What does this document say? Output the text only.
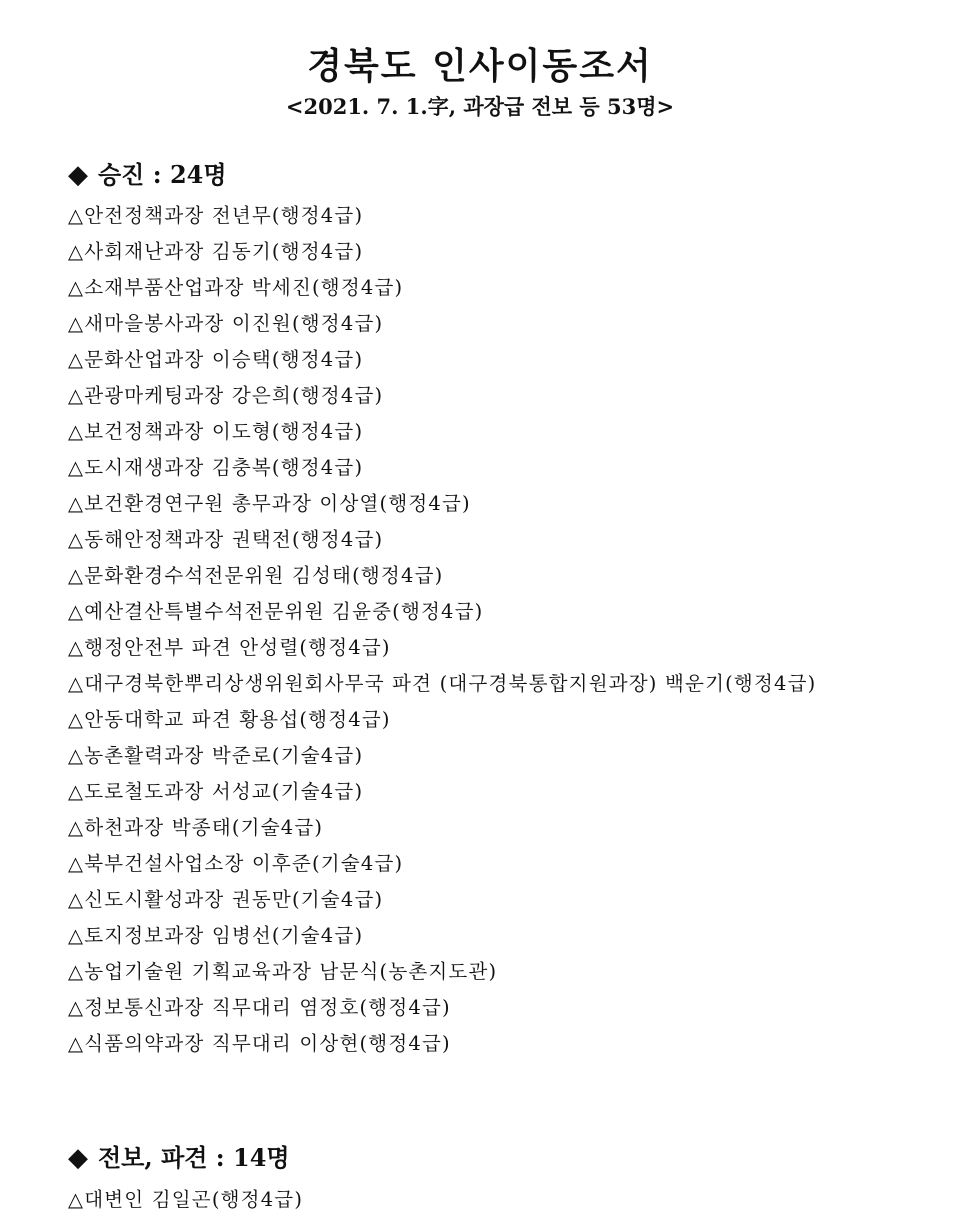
경북도 인사이동조서
<2021. 7. 1.字, 과장급 전보 등 53명>
◆ 승진 : 24명
△안전정책과장 전년무(행정4급)
△사회재난과장 김동기(행정4급)
△소재부품산업과장 박세진(행정4급)
△새마을봉사과장 이진원(행정4급)
△문화산업과장 이승택(행정4급)
△관광마케팅과장 강은희(행정4급)
△보건정책과장 이도형(행정4급)
△도시재생과장 김충복(행정4급)
△보건환경연구원 총무과장 이상열(행정4급)
△동해안정책과장 권택전(행정4급)
△문화환경수석전문위원 김성태(행정4급)
△예산결산특별수석전문위원 김윤중(행정4급)
△행정안전부 파견 안성렬(행정4급)
△대구경북한뿌리상생위원회사무국 파견 (대구경북통합지원과장) 백운기(행정4급)
△안동대학교 파견 황용섭(행정4급)
△농촌활력과장 박준로(기술4급)
△도로철도과장 서성교(기술4급)
△하천과장 박종태(기술4급)
△북부건설사업소장 이후준(기술4급)
△신도시활성과장 권동만(기술4급)
△토지정보과장 임병선(기술4급)
△농업기술원 기획교육과장 남문식(농촌지도관)
△정보통신과장 직무대리 염정호(행정4급)
△식품의약과장 직무대리 이상현(행정4급)
◆ 전보, 파견 : 14명
△대변인 김일곤(행정4급)
